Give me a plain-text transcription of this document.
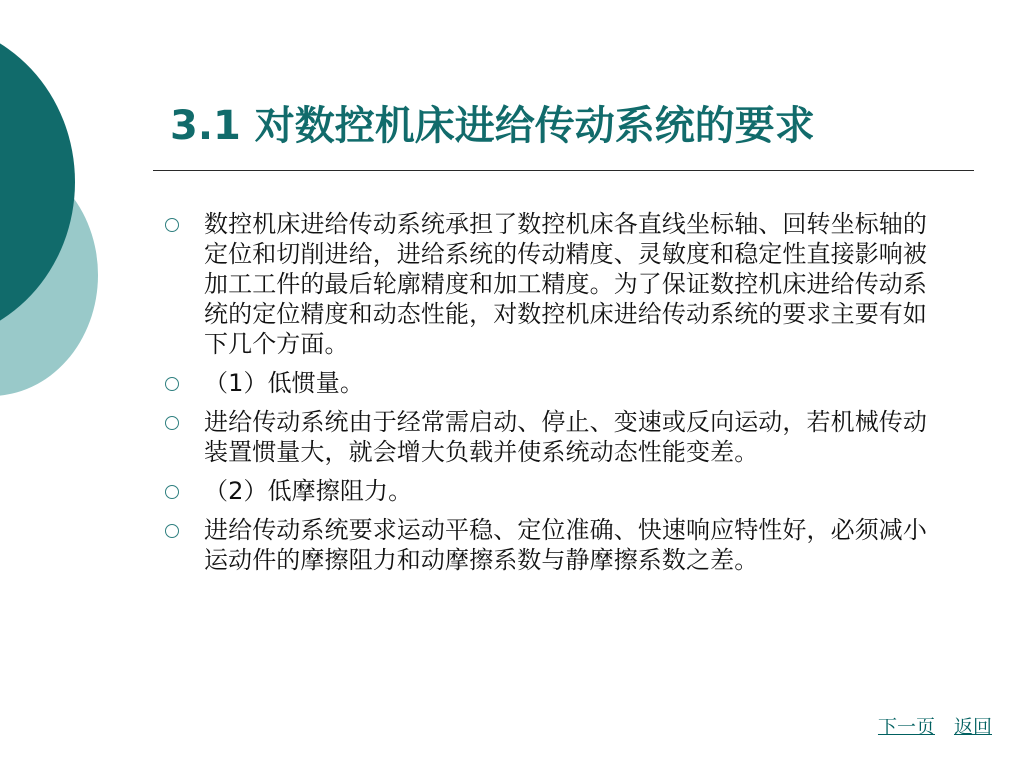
3.1 对数控机床进给传动系统的要求
数控机床进给传动系统承担了数控机床各直线坐标轴、回转坐标轴的定位和切削进给，进给系统的传动精度、灵敏度和稳定性直接影响被加工工件的最后轮廓精度和加工精度。为了保证数控机床进给传动系统的定位精度和动态性能，对数控机床进给传动系统的要求主要有如下几个方面。
（1）低惯量。
进给传动系统由于经常需启动、停止、变速或反向运动，若机械传动装置惯量大，就会增大负载并使系统动态性能变差。
（2）低摩擦阻力。
进给传动系统要求运动平稳、定位准确、快速响应特性好，必须减小运动件的摩擦阻力和动摩擦系数与静摩擦系数之差。
下一页 返回
